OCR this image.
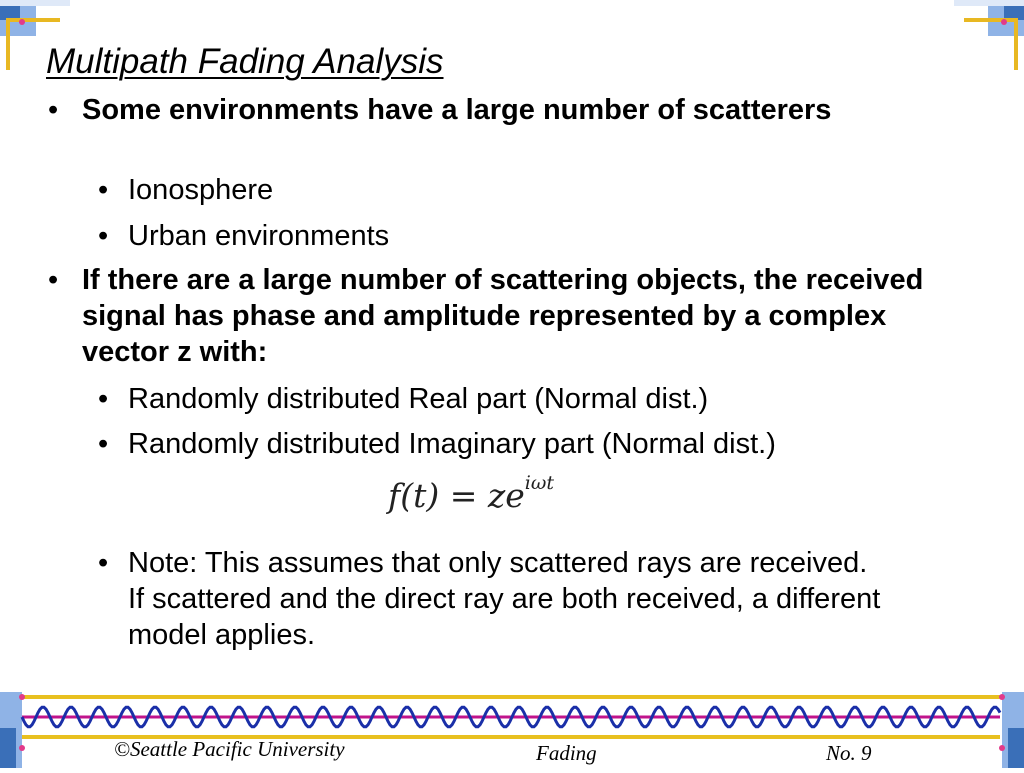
Multipath Fading Analysis
• Some environments have a large number of scatterers
• Ionosphere
• Urban environments
• If there are a large number of scattering objects, the received signal has phase and amplitude represented by a complex vector z with:
• Randomly distributed Real part (Normal dist.)
• Randomly distributed Imaginary part (Normal dist.)
$f(t) = ze^{i\omega t}$
• Note: This assumes that only scattered rays are received. If scattered and the direct ray are both received, a different model applies.
©Seattle Pacific University	Fading	No. 9
